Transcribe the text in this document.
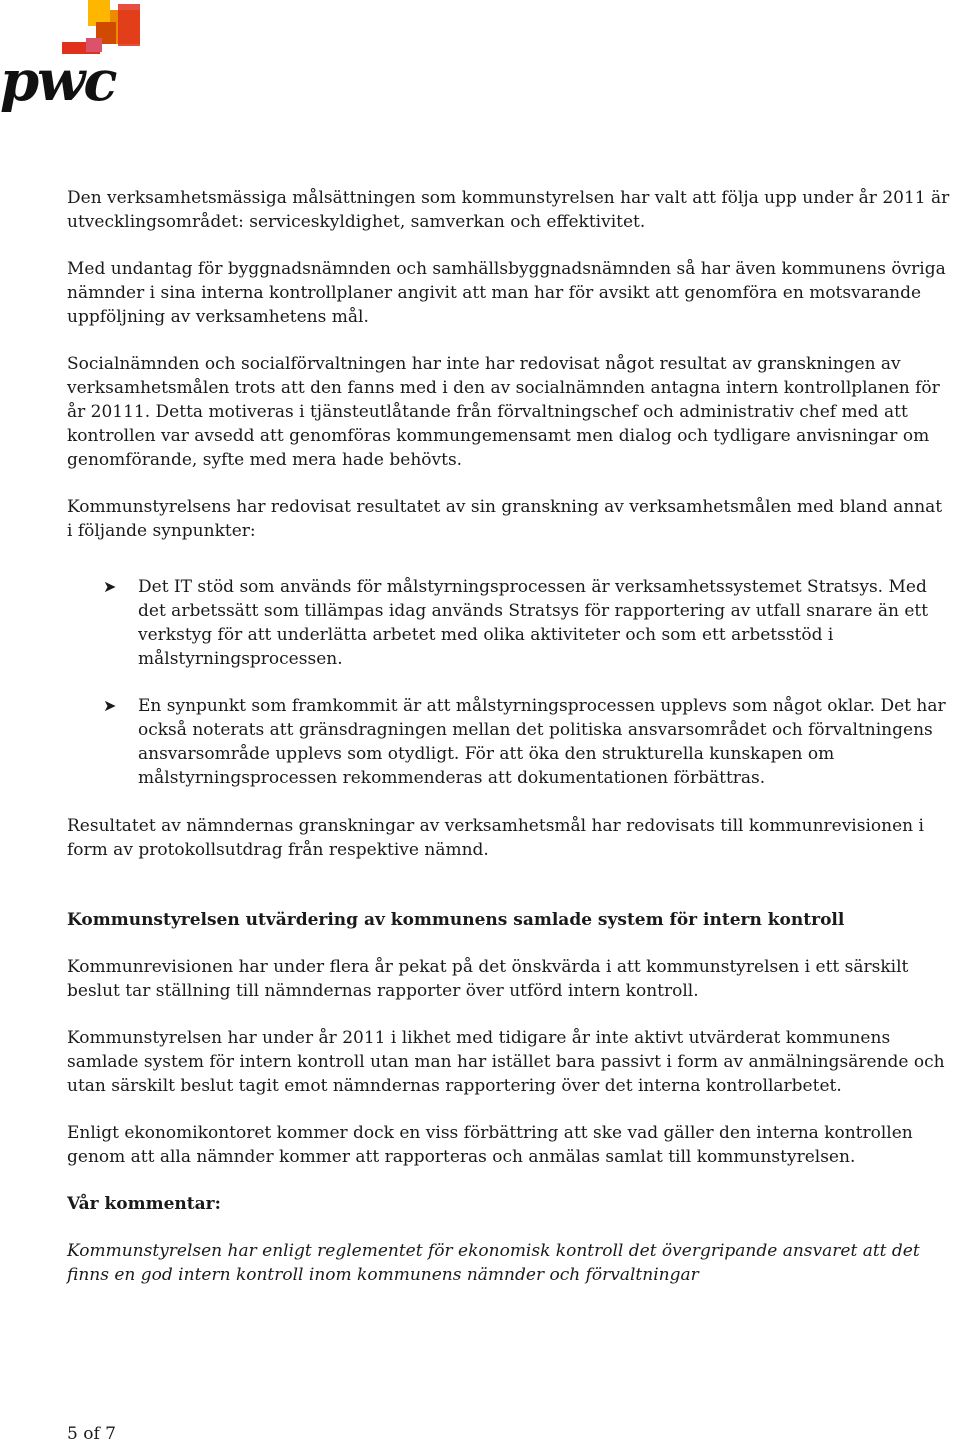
pwc

Den verksamhetsmässiga målsättningen som kommunstyrelsen har valt att följa upp under år 2011 är utvecklingsområdet: serviceskyldighet, samverkan och effektivitet.

Med undantag för byggnadsnämnden och samhällsbyggnadsnämnden så har även kommunens övriga nämnder i sina interna kontrollplaner angivit att man har för avsikt att genomföra en motsvarande uppföljning av verksamhetens mål.

Socialnämnden och socialförvaltningen har inte har redovisat något resultat av granskningen av verksamhetsmålen trots att den fanns med i den av socialnämnden antagna intern kontrollplanen för år 20111. Detta motiveras i tjänsteutlåtande från förvaltningschef och administrativ chef med att kontrollen var avsedd att genomföras kommungemensamt men dialog och tydligare anvisningar om genomförande, syfte med mera hade behövts.

Kommunstyrelsens har redovisat resultatet av sin granskning av verksamhetsmålen med bland annat i följande synpunkter:

➤ Det IT stöd som används för målstyrningsprocessen är verksamhetssystemet Stratsys. Med det arbetssätt som tillämpas idag används Stratsys för rapportering av utfall snarare än ett verkstyg för att underlätta arbetet med olika aktiviteter och som ett arbetsstöd i målstyrningsprocessen.
➤ En synpunkt som framkommit är att målstyrningsprocessen upplevs som något oklar. Det har också noterats att gränsdragningen mellan det politiska ansvarsområdet och förvaltningens ansvarsområde upplevs som otydligt. För att öka den strukturella kunskapen om målstyrningsprocessen rekommenderas att dokumentationen förbättras.

Resultatet av nämndernas granskningar av verksamhetsmål har redovisats till kommunrevisionen i form av protokollsutdrag från respektive nämnd.

Kommunstyrelsen utvärdering av kommunens samlade system för intern kontroll

Kommunrevisionen har under flera år pekat på det önskvärda i att kommunstyrelsen i ett särskilt beslut tar ställning till nämndernas rapporter över utförd intern kontroll.

Kommunstyrelsen har under år 2011 i likhet med tidigare år inte aktivt utvärderat kommunens samlade system för intern kontroll utan man har istället bara passivt i form av anmälningsärende och utan särskilt beslut tagit emot nämndernas rapportering över det interna kontrollarbetet.

Enligt ekonomikontoret kommer dock en viss förbättring att ske vad gäller den interna kontrollen genom att alla nämnder kommer att rapporteras och anmälas samlat till kommunstyrelsen.

Vår kommentar:

Kommunstyrelsen har enligt reglementet för ekonomisk kontroll det övergripande ansvaret att det finns en god intern kontroll inom kommunens nämnder och förvaltningar

5 of 7
